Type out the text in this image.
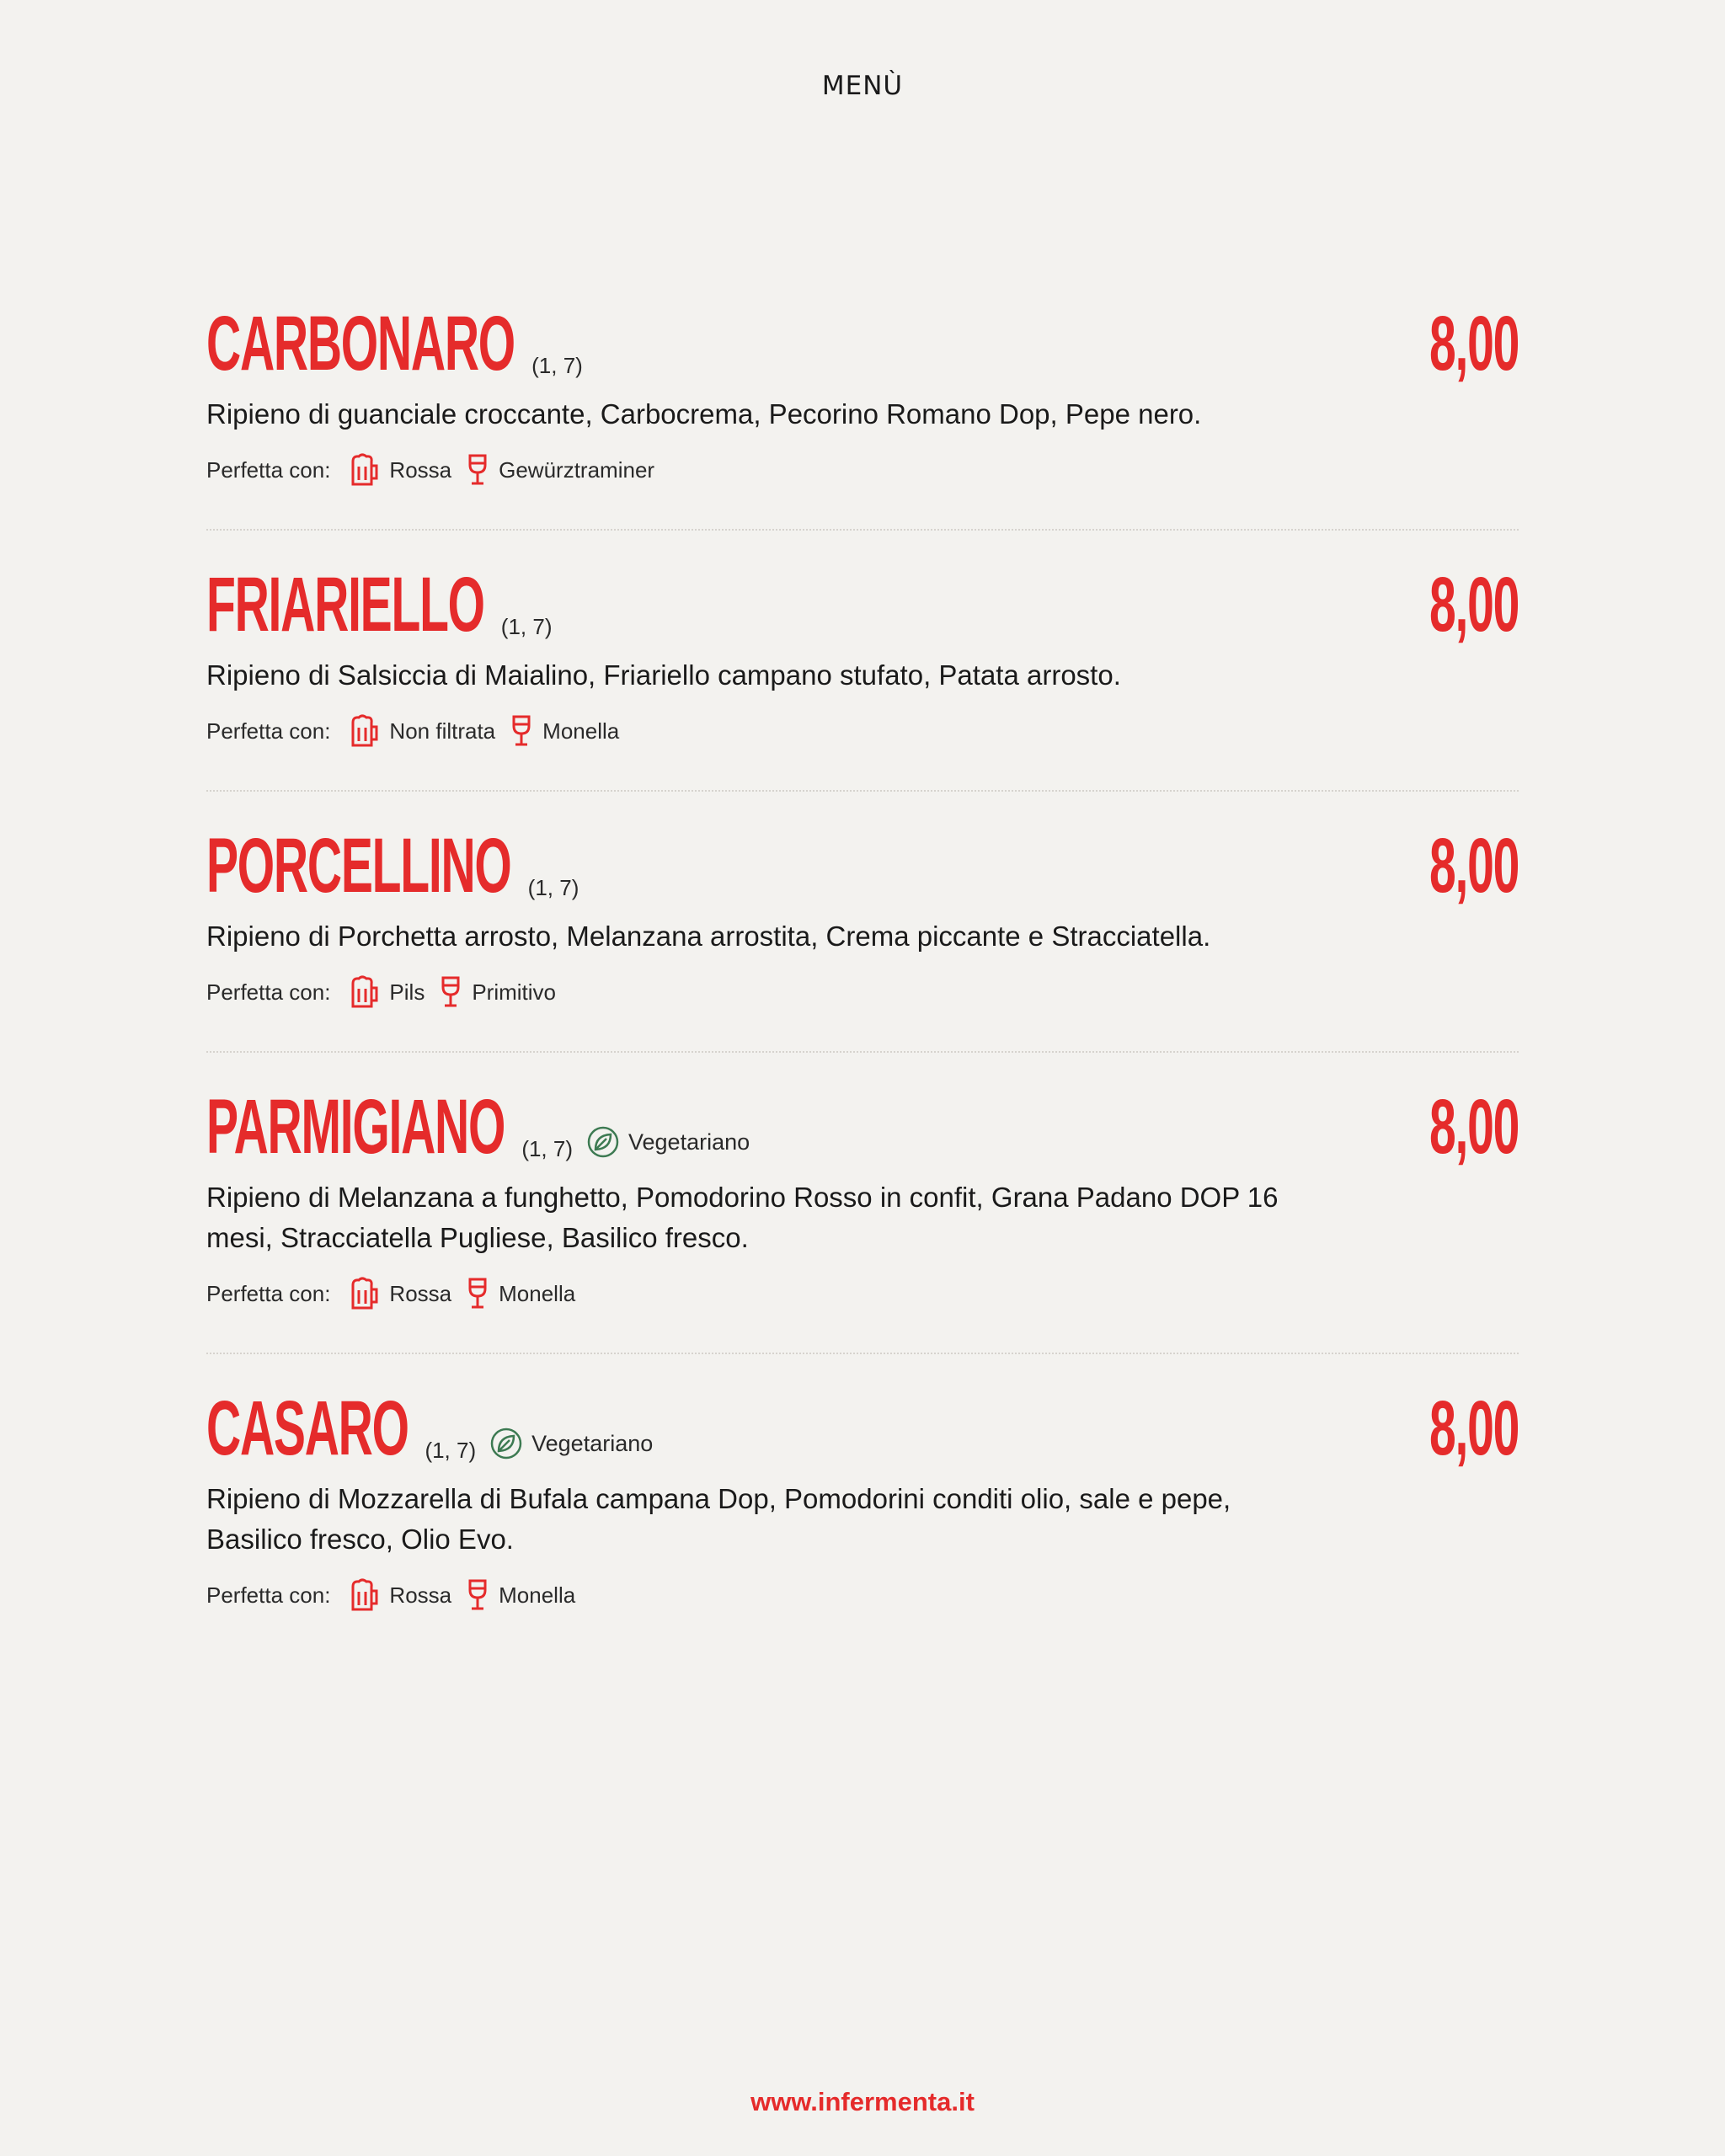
MENÙ
CARBONARO (1, 7)	8,00
Ripieno di guanciale croccante, Carbocrema, Pecorino Romano Dop, Pepe nero.
Perfetta con:	Rossa Gewürztraminer
FRIARIELLO (1, 7)	8,00
Ripieno di Salsiccia di Maialino, Friariello campano stufato, Patata arrosto.
Perfetta con:	Non filtrata Monella
PORCELLINO (1, 7)	8,00
Ripieno di Porchetta arrosto, Melanzana arrostita, Crema piccante e Stracciatella.
Perfetta con:	Pils Primitivo
PARMIGIANO (1, 7) Vegetariano	8,00
Ripieno di Melanzana a funghetto, Pomodorino Rosso in confit, Grana Padano DOP 16 mesi, Stracciatella Pugliese, Basilico fresco.
Perfetta con:	Rossa Monella
CASARO (1, 7) Vegetariano	8,00
Ripieno di Mozzarella di Bufala campana Dop, Pomodorini conditi olio, sale e pepe, Basilico fresco, Olio Evo.
Perfetta con:	Rossa Monella
www.infermenta.it
